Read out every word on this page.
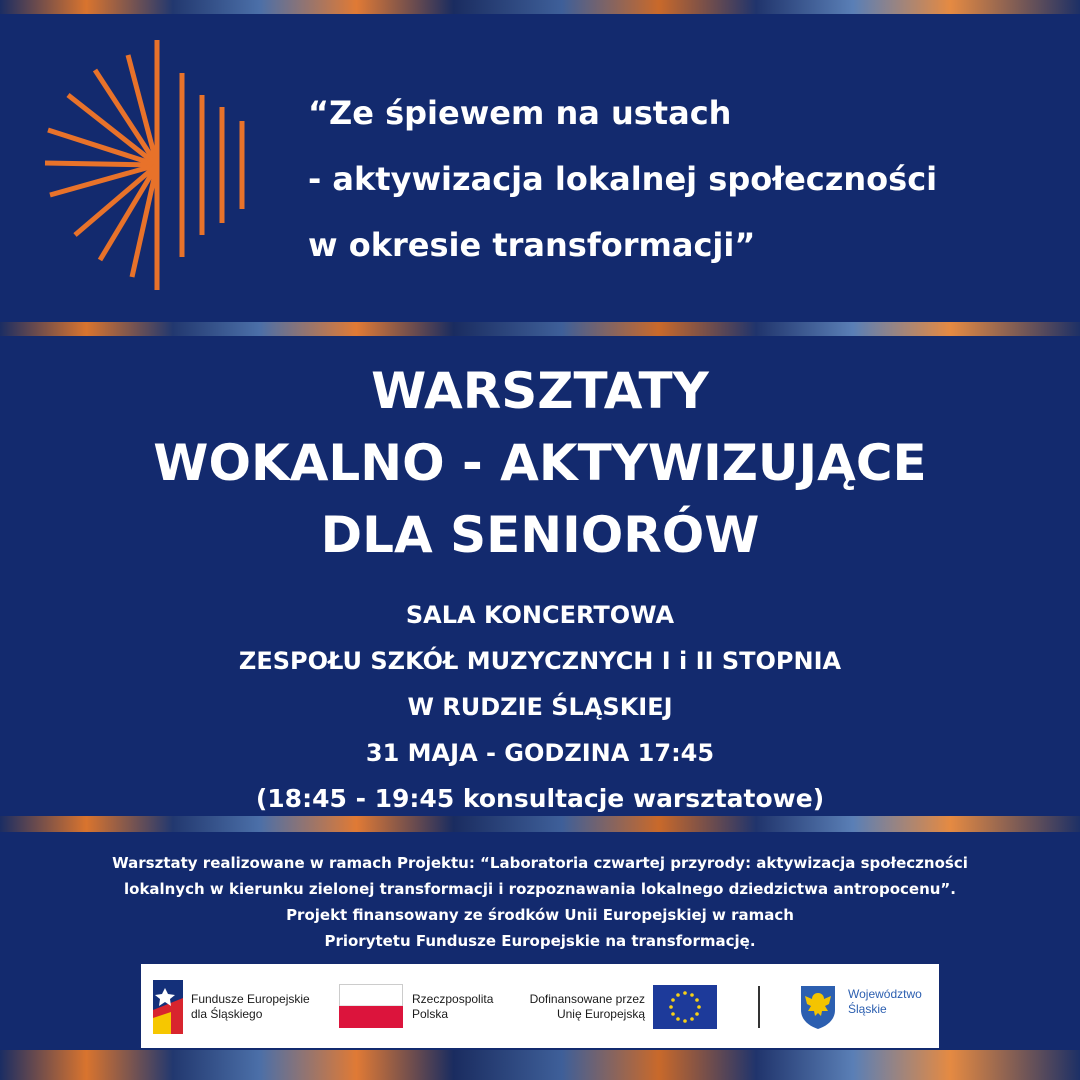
“Ze śpiewem na ustach
- aktywizacja lokalnej społeczności
w okresie transformacji”
WARSZTATY
WOKALNO - AKTYWIZUJĄCE
DLA SENIORÓW
SALA KONCERTOWA
ZESPOŁU SZKÓŁ MUZYCZNYCH I i II STOPNIA
W RUDZIE ŚLĄSKIEJ
31 MAJA - GODZINA 17:45
(18:45 - 19:45 konsultacje warsztatowe)
Warsztaty realizowane w ramach Projektu: “Laboratoria czwartej przyrody: aktywizacja społeczności
lokalnych w kierunku zielonej transformacji i rozpoznawania lokalnego dziedzictwa antropocenu”.
Projekt finansowany ze środków Unii Europejskiej w ramach
Priorytetu Fundusze Europejskie na transformację.
Fundusze Europejskie
dla Śląskiego
Rzeczpospolita
Polska
Dofinansowane przez
Unię Europejską
Województwo
Śląskie
